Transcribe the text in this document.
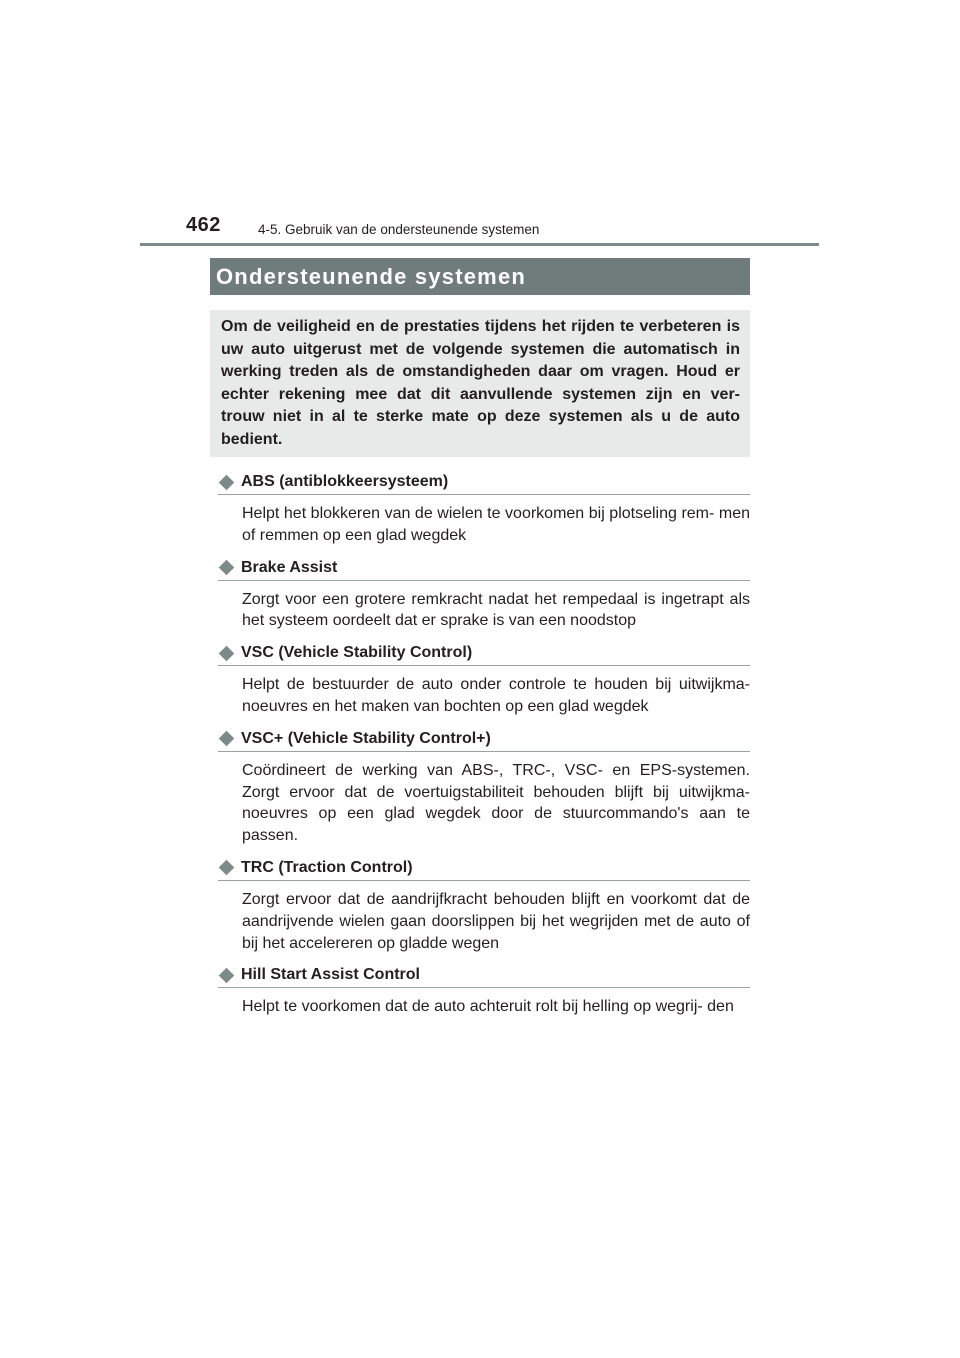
462	4-5. Gebruik van de ondersteunende systemen
Ondersteunende systemen

Om de veiligheid en de prestaties tijdens het rijden te verbeteren is uw auto uitgerust met de volgende systemen die automatisch in werking treden als de omstandigheden daar om vragen. Houd er echter rekening mee dat dit aanvullende systemen zijn en ver- trouw niet in al te sterke mate op deze systemen als u de auto bedient.

ABS (antiblokkeersysteem)

Helpt het blokkeren van de wielen te voorkomen bij plotseling rem- men of remmen op een glad wegdek

Brake Assist

Zorgt voor een grotere remkracht nadat het rempedaal is ingetrapt als het systeem oordeelt dat er sprake is van een noodstop

VSC (Vehicle Stability Control)

Helpt de bestuurder de auto onder controle te houden bij uitwijkma- noeuvres en het maken van bochten op een glad wegdek

VSC+ (Vehicle Stability Control+)

Coördineert de werking van ABS-, TRC-, VSC- en EPS-systemen. Zorgt ervoor dat de voertuigstabiliteit behouden blijft bij uitwijkma- noeuvres op een glad wegdek door de stuurcommando's aan te passen.

TRC (Traction Control)

Zorgt ervoor dat de aandrijfkracht behouden blijft en voorkomt dat de aandrijvende wielen gaan doorslippen bij het wegrijden met de auto of bij het accelereren op gladde wegen

Hill Start Assist Control

Helpt te voorkomen dat de auto achteruit rolt bij helling op wegrij- den
